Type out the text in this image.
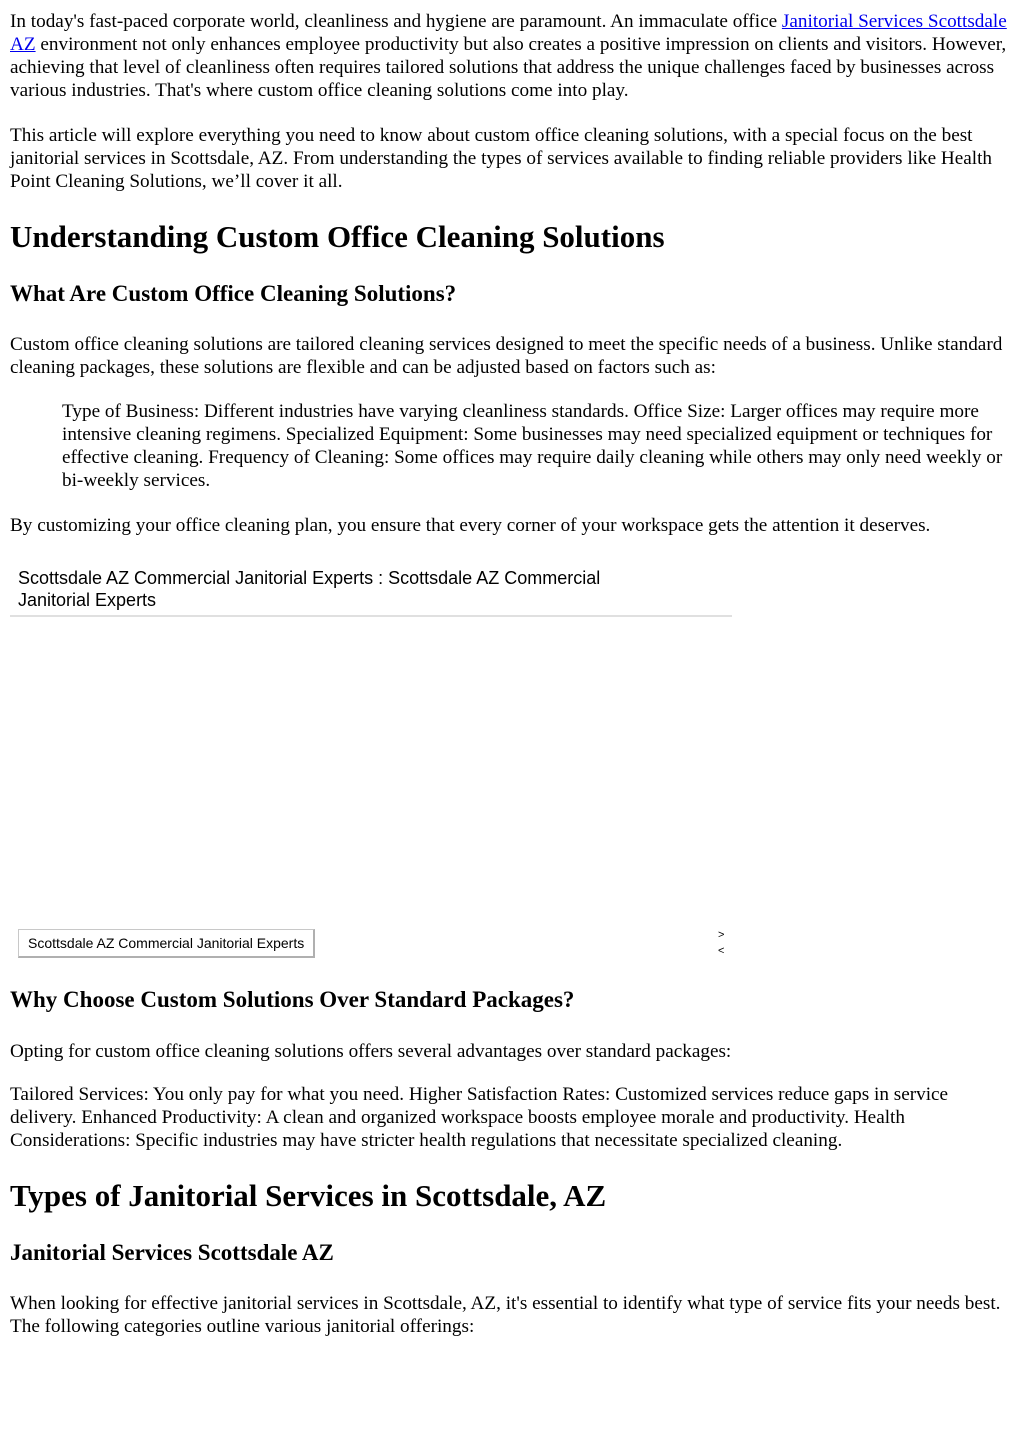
In today's fast-paced corporate world, cleanliness and hygiene are paramount. An immaculate office Janitorial Services Scottsdale AZ environment not only enhances employee productivity but also creates a positive impression on clients and visitors. However, achieving that level of cleanliness often requires tailored solutions that address the unique challenges faced by businesses across various industries. That's where custom office cleaning solutions come into play.

This article will explore everything you need to know about custom office cleaning solutions, with a special focus on the best janitorial services in Scottsdale, AZ. From understanding the types of services available to finding reliable providers like Health Point Cleaning Solutions, we’ll cover it all.

Understanding Custom Office Cleaning Solutions
What Are Custom Office Cleaning Solutions?

Custom office cleaning solutions are tailored cleaning services designed to meet the specific needs of a business. Unlike standard cleaning packages, these solutions are flexible and can be adjusted based on factors such as:

Type of Business: Different industries have varying cleanliness standards. Office Size: Larger offices may require more intensive cleaning regimens. Specialized Equipment: Some businesses may need specialized equipment or techniques for effective cleaning. Frequency of Cleaning: Some offices may require daily cleaning while others may only need weekly or bi-weekly services.

By customizing your office cleaning plan, you ensure that every corner of your workspace gets the attention it deserves.

Scottsdale AZ Commercial Janitorial Experts : Scottsdale AZ Commercial Janitorial Experts
Scottsdale AZ Commercial Janitorial Experts	>
<
Why Choose Custom Solutions Over Standard Packages?

Opting for custom office cleaning solutions offers several advantages over standard packages:

Tailored Services: You only pay for what you need. Higher Satisfaction Rates: Customized services reduce gaps in service delivery. Enhanced Productivity: A clean and organized workspace boosts employee morale and productivity. Health Considerations: Specific industries may have stricter health regulations that necessitate specialized cleaning.

Types of Janitorial Services in Scottsdale, AZ
Janitorial Services Scottsdale AZ

When looking for effective janitorial services in Scottsdale, AZ, it's essential to identify what type of service fits your needs best. The following categories outline various janitorial offerings:
